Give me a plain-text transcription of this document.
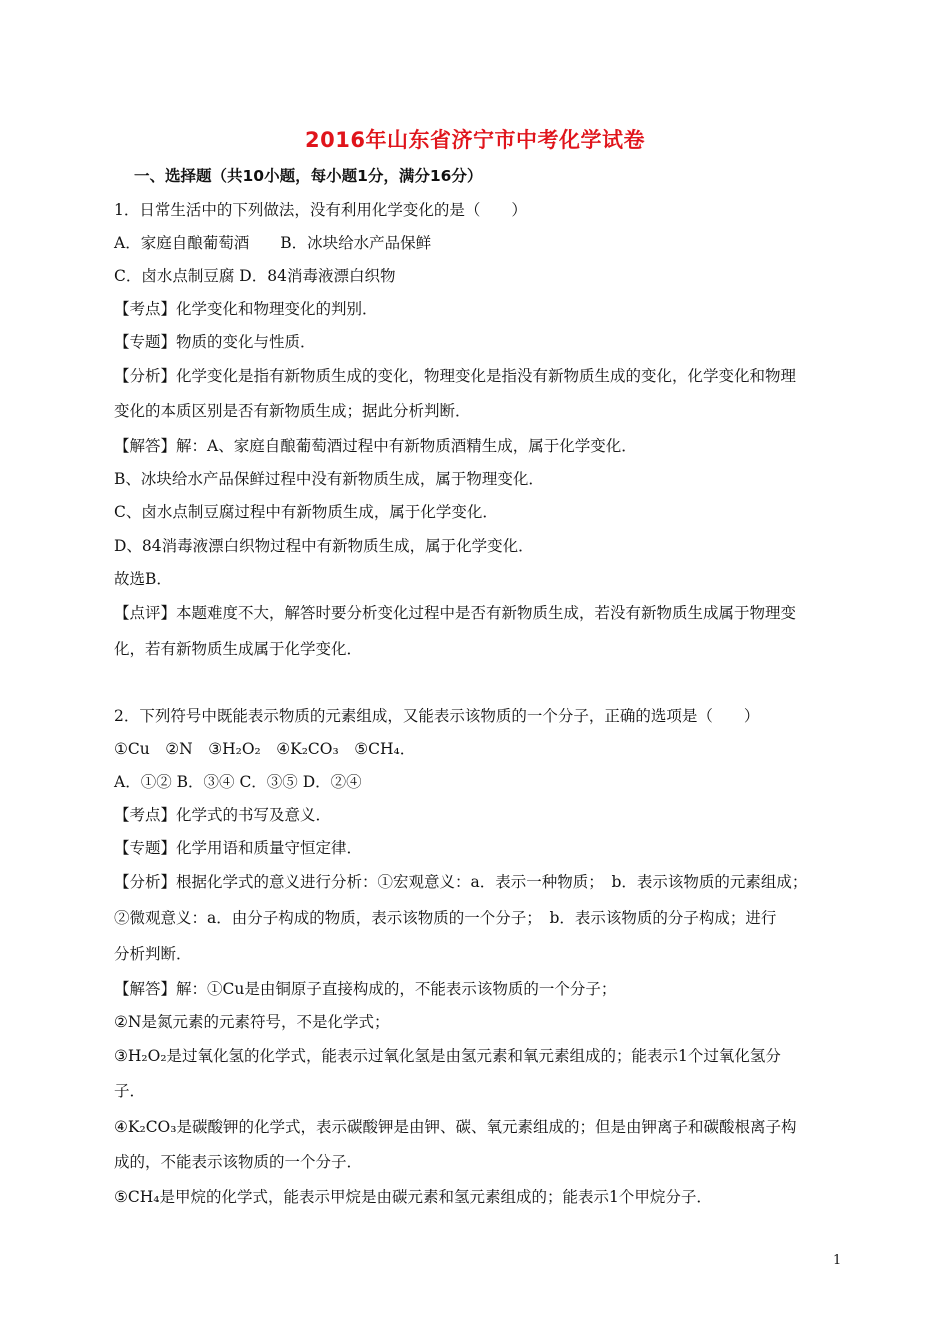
2016年山东省济宁市中考化学试卷
一、选择题（共10小题，每小题1分，满分16分）
1．日常生活中的下列做法，没有利用化学变化的是（　　）
A．家庭自酿葡萄酒　　B．冰块给水产品保鲜
C．卤水点制豆腐 D．84消毒液漂白织物
【考点】化学变化和物理变化的判别．
【专题】物质的变化与性质．
【分析】化学变化是指有新物质生成的变化，物理变化是指没有新物质生成的变化，化学变化和物理
变化的本质区别是否有新物质生成；据此分析判断．
【解答】解：A、家庭自酿葡萄酒过程中有新物质酒精生成，属于化学变化．
B、冰块给水产品保鲜过程中没有新物质生成，属于物理变化．
C、卤水点制豆腐过程中有新物质生成，属于化学变化．
D、84消毒液漂白织物过程中有新物质生成，属于化学变化．
故选B．
【点评】本题难度不大，解答时要分析变化过程中是否有新物质生成，若没有新物质生成属于物理变
化，若有新物质生成属于化学变化．
2．下列符号中既能表示物质的元素组成，又能表示该物质的一个分子，正确的选项是（　　）
①Cu　②N　③H₂O₂　④K₂CO₃　⑤CH₄．
A．①② B．③④ C．③⑤ D．②④
【考点】化学式的书写及意义．
【专题】化学用语和质量守恒定律．
【分析】根据化学式的意义进行分析：①宏观意义：a．表示一种物质；　b．表示该物质的元素组成；
②微观意义：a．由分子构成的物质，表示该物质的一个分子；　b．表示该物质的分子构成；进行
分析判断．
【解答】解：①Cu是由铜原子直接构成的，不能表示该物质的一个分子；
②N是氮元素的元素符号，不是化学式；
③H₂O₂是过氧化氢的化学式，能表示过氧化氢是由氢元素和氧元素组成的；能表示1个过氧化氢分
子．
④K₂CO₃是碳酸钾的化学式，表示碳酸钾是由钾、碳、氧元素组成的；但是由钾离子和碳酸根离子构
成的，不能表示该物质的一个分子．
⑤CH₄是甲烷的化学式，能表示甲烷是由碳元素和氢元素组成的；能表示1个甲烷分子．
1
